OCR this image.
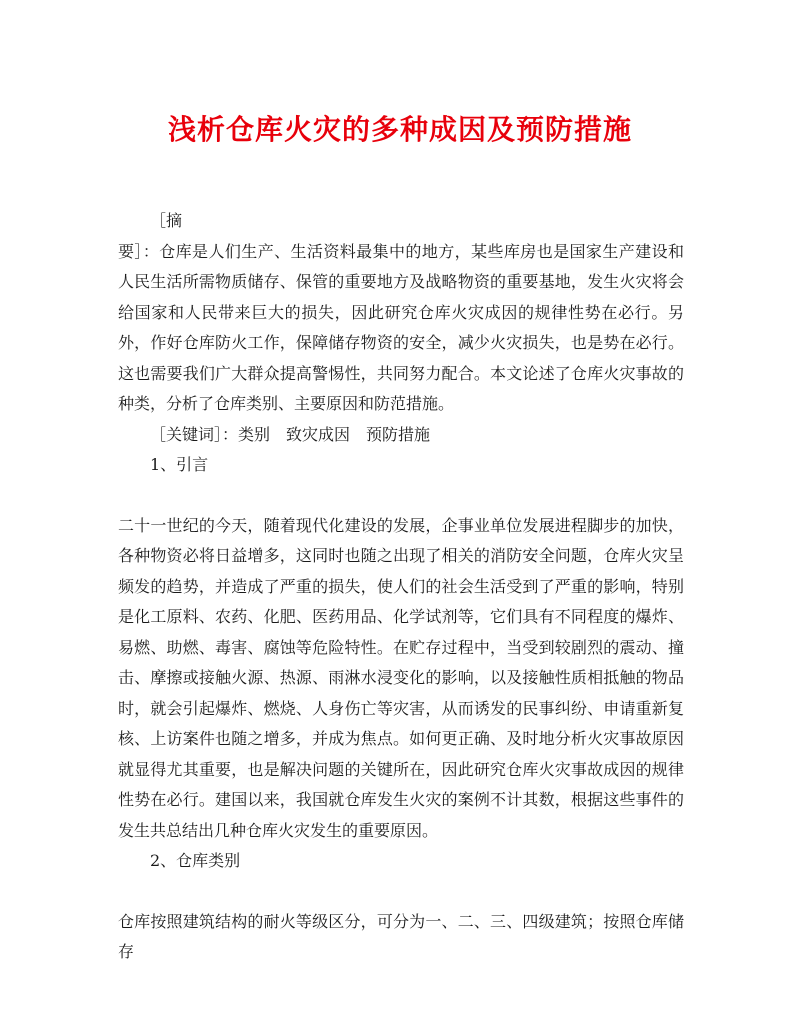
浅析仓库火灾的多种成因及预防措施

［摘

要］：仓库是人们生产、生活资料最集中的地方，某些库房也是国家生产建设和人民生活所需物质储存、保管的重要地方及战略物资的重要基地，发生火灾将会给国家和人民带来巨大的损失，因此研究仓库火灾成因的规律性势在必行。另外，作好仓库防火工作，保障储存物资的安全，减少火灾损失，也是势在必行。这也需要我们广大群众提高警惕性，共同努力配合。本文论述了仓库火灾事故的种类，分析了仓库类别、主要原因和防范措施。

［关键词］：类别　致灾成因　预防措施

1、引言

二十一世纪的今天，随着现代化建设的发展，企事业单位发展进程脚步的加快，各种物资必将日益增多，这同时也随之出现了相关的消防安全问题，仓库火灾呈频发的趋势，并造成了严重的损失，使人们的社会生活受到了严重的影响，特别是化工原料、农药、化肥、医药用品、化学试剂等，它们具有不同程度的爆炸、易燃、助燃、毒害、腐蚀等危险特性。在贮存过程中，当受到较剧烈的震动、撞击、摩擦或接触火源、热源、雨淋水浸变化的影响，以及接触性质相抵触的物品时，就会引起爆炸、燃烧、人身伤亡等灾害，从而诱发的民事纠纷、申请重新复核、上访案件也随之增多，并成为焦点。如何更正确、及时地分析火灾事故原因就显得尤其重要，也是解决问题的关键所在，因此研究仓库火灾事故成因的规律性势在必行。建国以来，我国就仓库发生火灾的案例不计其数，根据这些事件的发生共总结出几种仓库火灾发生的重要原因。

2、仓库类别

仓库按照建筑结构的耐火等级区分，可分为一、二、三、四级建筑；按照仓库储存
